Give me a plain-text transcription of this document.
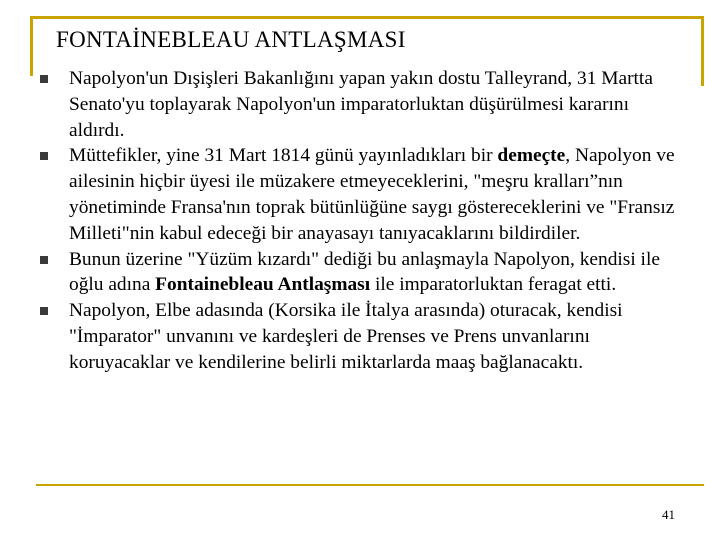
FONTAİNEBLEAU ANTLAŞMASI
Napolyon'un Dışişleri Bakanlığını yapan yakın dostu Talleyrand, 31 Martta Senato'yu toplayarak Napolyon'un imparatorluktan düşürülmesi kararını aldırdı.
Müttefikler, yine 31 Mart 1814 günü yayınladıkları bir demeçte, Napolyon ve ailesinin hiçbir üyesi ile müzakere etmeyeceklerini, "meşru kralları”nın yönetiminde Fransa'nın toprak bütünlüğüne saygı göstereceklerini ve "Fransız Milleti"nin kabul edeceği bir anayasayı tanıyacaklarını bildirdiler.
Bunun üzerine "Yüzüm kızardı" dediği bu anlaşmayla Napolyon, kendisi ile oğlu adına Fontainebleau Antlaşması ile imparatorluktan feragat etti.
Napolyon, Elbe adasında (Korsika ile İtalya arasında) oturacak, kendisi "İmparator" unvanını ve kardeşleri de Prenses ve Prens unvanlarını koruyacaklar ve kendilerine belirli miktarlarda maaş bağlanacaktı.
41
